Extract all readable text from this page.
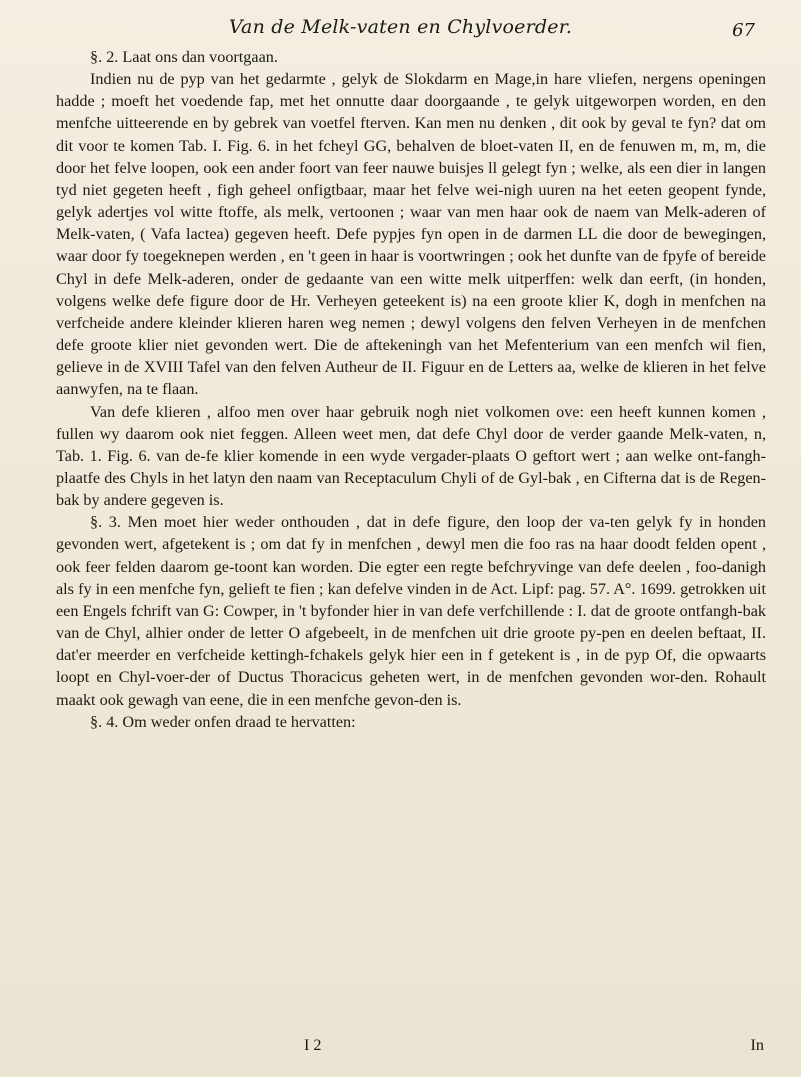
Van de Melk-vaten en Chylvoerder.	67

§. 2. Laat ons dan voortgaan.

Indien nu de pyp van het gedarmte , gelyk de Slokdarm en Mage,in hare vliefen, nergens openingen hadde ; moeft het voedende fap, met het onnutte daar doorgaande , te gelyk uitgeworpen worden, en den menfche uitteerende en by gebrek van voetfel fterven. Kan men nu denken , dit ook by geval te fyn? dat om dit voor te komen Tab. I. Fig. 6. in het fcheyl GG, behalven de bloet-vaten II, en de fenuwen m, m, m, die door het felve loopen, ook een ander foort van feer nauwe buisjes ll gelegt fyn ; welke, als een dier in langen tyd niet gegeten heeft , figh geheel onfigtbaar, maar het felve wei-nigh uuren na het eeten geopent fynde, gelyk adertjes vol witte ftoffe, als melk, vertoonen ; waar van men haar ook de naem van Melk-aderen of Melk-vaten, ( Vafa lactea) gegeven heeft. Defe pypjes fyn open in de darmen LL die door de bewegingen, waar door fy toegeknepen werden , en 't geen in haar is voortwringen ; ook het dunfte van de fpyfe of bereide Chyl in defe Melk-aderen, onder de gedaante van een witte melk uitperffen: welk dan eerft, (in honden, volgens welke defe figure door de Hr. Verheyen geteekent is) na een groote klier K, dogh in menfchen na verfcheide andere kleinder klieren haren weg nemen ; dewyl volgens den felven Verheyen in de menfchen defe groote klier niet gevonden wert. Die de aftekeningh van het Mefenterium van een menfch wil fien, gelieve in de XVIII Tafel van den felven Autheur de II. Figuur en de Letters aa, welke de klieren in het felve aanwyfen, na te flaan.

Van defe klieren , alfoo men over haar gebruik nogh niet volkomen ove: een heeft kunnen komen , fullen wy daarom ook niet feggen. Alleen weet men, dat defe Chyl door de verder gaande Melk-vaten, n, Tab. 1. Fig. 6. van de-fe klier komende in een wyde vergader-plaats O geftort wert ; aan welke ont-fangh-plaatfe des Chyls in het latyn den naam van Receptaculum Chyli of de Gyl-bak , en Cifterna dat is de Regen-bak by andere gegeven is.

§. 3. Men moet hier weder onthouden , dat in defe figure, den loop der va-ten gelyk fy in honden gevonden wert, afgetekent is ; om dat fy in menfchen , dewyl men die foo ras na haar doodt felden opent , ook feer felden daarom ge-toont kan worden. Die egter een regte befchryvinge van defe deelen , foo-danigh als fy in een menfche fyn, gelieft te fien ; kan defelve vinden in de Act. Lipf: pag. 57. A°. 1699. getrokken uit een Engels fchrift van G: Cowper, in 't byfonder hier in van defe verfchillende : I. dat de groote ontfangh-bak van de Chyl, alhier onder de letter O afgebeelt, in de menfchen uit drie groote py-pen en deelen beftaat, II. dat'er meerder en verfcheide kettingh-fchakels gelyk hier een in f getekent is , in de pyp Of, die opwaarts loopt en Chyl-voer-der of Ductus Thoracicus geheten wert, in de menfchen gevonden wor-den. Rohault maakt ook gewagh van eene, die in een menfche gevon-den is.

§. 4. Om weder onfen draad te hervatten:

I 2	In
